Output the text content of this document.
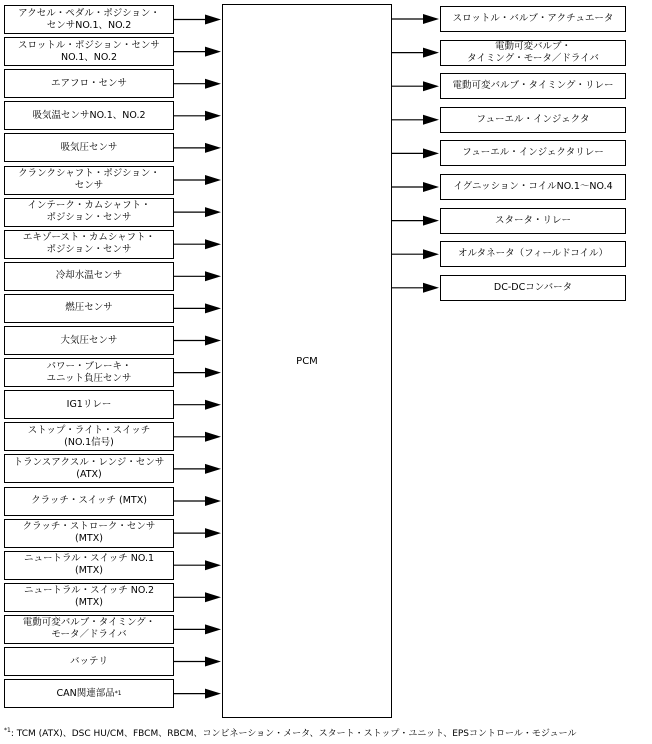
アクセル・ペダル・ポジション・
センサNO.1、NO.2
スロットル・ポジション・センサ
NO.1、NO.2
エアフロ・センサ
吸気温センサNO.1、NO.2
吸気圧センサ
クランクシャフト・ポジション・
センサ
インテーク・カムシャフト・
ポジション・センサ
エキゾースト・カムシャフト・
ポジション・センサ
冷却水温センサ
燃圧センサ
大気圧センサ
パワー・ブレーキ・
ユニット負圧センサ
IG1リレー
ストップ・ライト・スイッチ
(NO.1信号)
トランスアクスル・レンジ・センサ
(ATX)
クラッチ・スイッチ (MTX)
クラッチ・ストローク・センサ
(MTX)
ニュートラル・スイッチ NO.1
(MTX)
ニュートラル・スイッチ NO.2
(MTX)
電動可変バルブ・タイミング・
モータ／ドライバ
バッテリ
CAN関連部品 *1
PCM
スロットル・バルブ・アクチュエータ
電動可変バルブ・
タイミング・モータ／ドライバ
電動可変バルブ・タイミング・リレー
フューエル・インジェクタ
フューエル・インジェクタリレー
イグニッション・コイルNO.1〜NO.4
スタータ・リレー
オルタネータ（フィールドコイル）
DC-DCコンバータ
$^{*1}$: TCM (ATX)、DSC HU/CM、FBCM、RBCM、コンビネーション・メータ、スタート・ストップ・ユニット、EPSコントロール・モジュール
